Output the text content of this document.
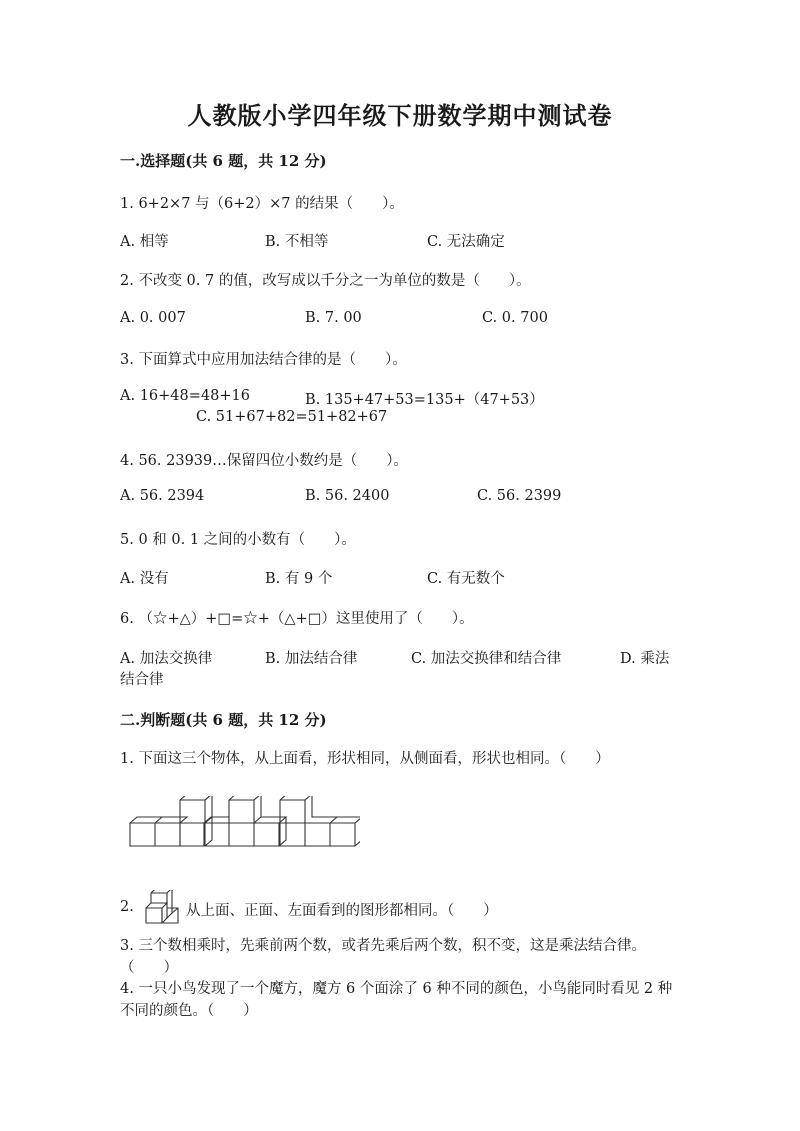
人教版小学四年级下册数学期中测试卷
一.选择题(共 6 题，共 12 分)
1. 6+2×7 与（6+2）×7 的结果（　　）。
A. 相等	B. 不相等	C. 无法确定
2. 不改变 0. 7 的值，改写成以千分之一为单位的数是（　　）。
A. 0. 007	B. 7. 00	C. 0. 700
3. 下面算式中应用加法结合律的是（　　）。
A. 16+48=48+16	B. 135+47+53=135+（47+53）
C. 51+67+82=51+82+67
4. 56. 23939…保留四位小数约是（　　）。
A. 56. 2394	B. 56. 2400	C. 56. 2399
5. 0 和 0. 1 之间的小数有（　　）。
A. 没有	B. 有 9 个	C. 有无数个
6. （☆+△）+□=☆+（△+□）这里使用了（　　）。
A. 加法交换律	B. 加法结合律	C. 加法交换律和结合律	D. 乘法
结合律
二.判断题(共 6 题，共 12 分)
1. 下面这三个物体，从上面看，形状相同，从侧面看，形状也相同。（　　）
2.	从上面、正面、左面看到的图形都相同。（　　）
3. 三个数相乘时，先乘前两个数，或者先乘后两个数，积不变，这是乘法结合律。（　　）
4. 一只小鸟发现了一个魔方，魔方 6 个面涂了 6 种不同的颜色，小鸟能同时看见 2 种不同的颜色。（　　）
